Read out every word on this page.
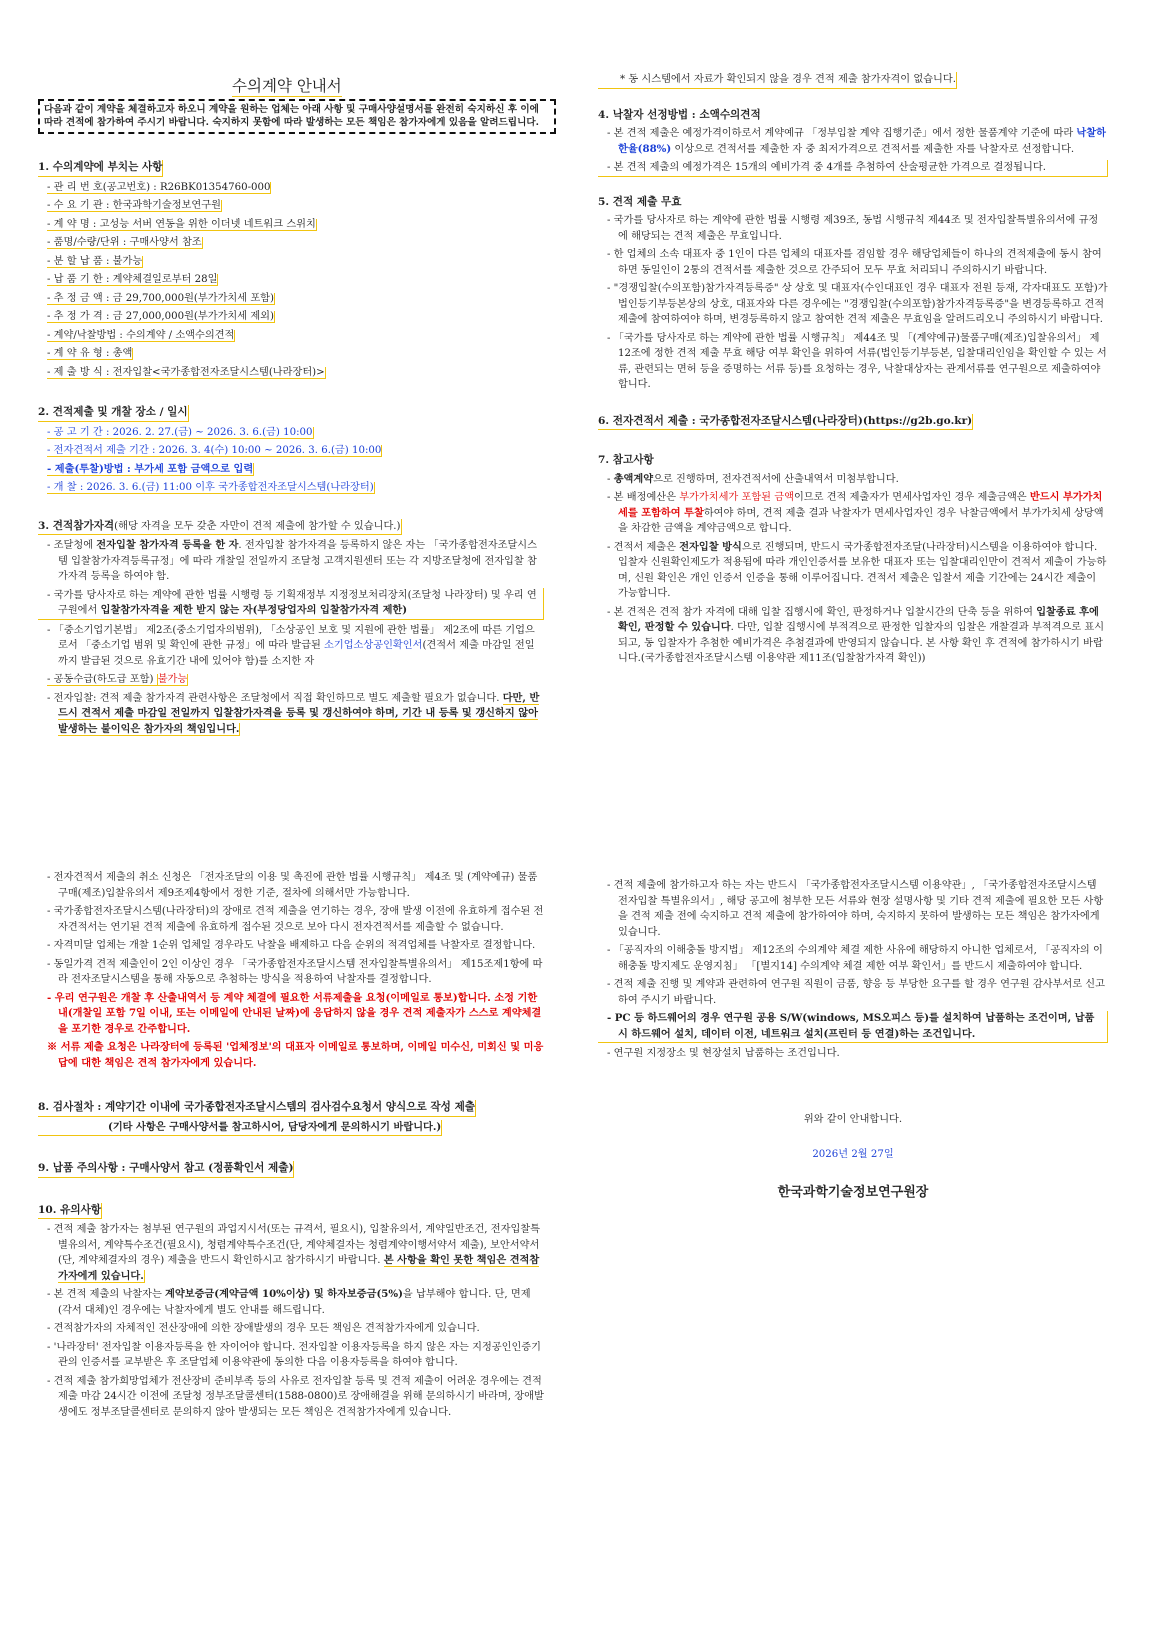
수의계약 안내서
다음과 같이 계약을 체결하고자 하오니 계약을 원하는 업체는 아래 사항 및 구매사양설명서를 완전히 숙지하신 후 이에 따라 견적에 참가하여 주시기 바랍니다. 숙지하지 못함에 따라 발생하는 모든 책임은 참가자에게 있음을 알려드립니다.

1. 수의계약에 부치는 사항

- 관 리 번 호(공고번호) : R26BK01354760-000

- 수 요 기 관 : 한국과학기술정보연구원

- 계 약 명 : 고성능 서버 연동을 위한 이더넷 네트워크 스위치

- 품명/수량/단위 : 구매사양서 참조

- 분 할 납 품 : 불가능

- 납 품 기 한 : 계약체결일로부터 28일

- 추 정 금 액 : 금 29,700,000원(부가가치세 포함)

- 추 정 가 격 : 금 27,000,000원(부가가치세 제외)

- 계약/낙찰방법 : 수의계약 / 소액수의견적

- 계 약 유 형 : 총액

- 제 출 방 식 : 전자입찰<국가종합전자조달시스템(나라장터)>

2. 견적제출 및 개찰 장소 / 일시

- 공 고 기 간 : 2026. 2. 27.(금) ~ 2026. 3. 6.(금) 10:00

- 전자견적서 제출 기간 : 2026. 3. 4(수) 10:00 ~ 2026. 3. 6.(금) 10:00

- 제출(투찰)방법 : 부가세 포함 금액으로 입력

- 개 찰 : 2026. 3. 6.(금) 11:00 이후 국가종합전자조달시스템(나라장터)

3. 견적참가자격(해당 자격을 모두 갖춘 자만이 견적 제출에 참가할 수 있습니다.)

- 조달청에 전자입찰 참가자격 등록을 한 자. 전자입찰 참가자격을 등록하지 않은 자는 「국가종합전자조달시스템 입찰참가자격등록규정」에 따라 개찰일 전일까지 조달청 고객지원센터 또는 각 지방조달청에 전자입찰 참가자격 등록을 하여야 함.

- 국가를 당사자로 하는 계약에 관한 법률 시행령 등 기획재정부 지정정보처리장치(조달청 나라장터) 및 우리 연구원에서 입찰참가자격을 제한 받지 않는 자(부정당업자의 입찰참가자격 제한)

- 「중소기업기본법」 제2조(중소기업자의범위), 「소상공인 보호 및 지원에 관한 법률」 제2조에 따른 기업으로서 「중소기업 범위 및 확인에 관한 규정」에 따라 발급된 소기업소상공인확인서(견적서 제출 마감일 전일까지 발급된 것으로 유효기간 내에 있어야 함)를 소지한 자

- 공동수급(하도급 포함) 불가능

- 전자입찰: 견적 제출 참가자격 관련사항은 조달청에서 직접 확인하므로 별도 제출할 필요가 없습니다. 다만, 반드시 견적서 제출 마감일 전일까지 입찰참가자격을 등록 및 갱신하여야 하며, 기간 내 등록 및 갱신하지 않아 발생하는 불이익은 참가자의 책임입니다.

- 전자견적서 제출의 취소 신청은 「전자조달의 이용 및 촉진에 관한 법률 시행규칙」 제4조 및 (계약예규) 물품구매(제조)입찰유의서 제9조제4항에서 정한 기준, 절차에 의해서만 가능합니다.

- 국가종합전자조달시스템(나라장터)의 장애로 견적 제출을 연기하는 경우, 장애 발생 이전에 유효하게 접수된 전자견적서는 연기된 견적 제출에 유효하게 접수된 것으로 보아 다시 전자견적서를 제출할 수 없습니다.

- 자격미달 업체는 개찰 1순위 업체일 경우라도 낙찰을 배제하고 다음 순위의 적격업체를 낙찰자로 결정합니다.

- 동일가격 견적 제출인이 2인 이상인 경우 「국가종합전자조달시스템 전자입찰특별유의서」 제15조제1항에 따라 전자조달시스템을 통해 자동으로 추첨하는 방식을 적용하여 낙찰자를 결정합니다.

- 우리 연구원은 개찰 후 산출내역서 등 계약 체결에 필요한 서류제출을 요청(이메일로 통보)합니다. 소정 기한 내(개찰일 포함 7일 이내, 또는 이메일에 안내된 날짜)에 응답하지 않을 경우 견적 제출자가 스스로 계약체결을 포기한 경우로 간주합니다.

※ 서류 제출 요청은 나라장터에 등록된 '업체정보'의 대표자 이메일로 통보하며, 이메일 미수신, 미회신 및 미응답에 대한 책임은 견적 참가자에게 있습니다.

8. 검사절차 : 계약기간 이내에 국가종합전자조달시스템의 검사검수요청서 양식으로 작성 제출

(기타 사항은 구매사양서를 참고하시어, 담당자에게 문의하시기 바랍니다.)

9. 납품 주의사항 : 구매사양서 참고 (정품확인서 제출)

10. 유의사항

- 견적 제출 참가자는 첨부된 연구원의 과업지시서(또는 규격서, 필요시), 입찰유의서, 계약일반조건, 전자입찰특별유의서, 계약특수조건(필요시), 청렴계약특수조건(단, 계약체결자는 청렴계약이행서약서 제출), 보안서약서(단, 계약체결자의 경우) 제출을 반드시 확인하시고 참가하시기 바랍니다. 본 사항을 확인 못한 책임은 견적참가자에게 있습니다.

- 본 견적 제출의 낙찰자는 계약보증금(계약금액 10%이상) 및 하자보증금(5%)을 납부해야 합니다. 단, 면제(각서 대체)인 경우에는 낙찰자에게 별도 안내를 해드립니다.

- 견적참가자의 자체적인 전산장애에 의한 장애발생의 경우 모든 책임은 견적참가자에게 있습니다.

- '나라장터' 전자입찰 이용자등록을 한 자이어야 합니다. 전자입찰 이용자등록을 하지 않은 자는 지정공인인증기관의 인증서를 교부받은 후 조달업체 이용약관에 동의한 다음 이용자등록을 하여야 합니다.

- 견적 제출 참가희망업체가 전산장비 준비부족 등의 사유로 전자입찰 등록 및 견적 제출이 어려운 경우에는 견적 제출 마감 24시간 이전에 조달청 정부조달콜센터(1588-0800)로 장애해결을 위해 문의하시기 바라며, 장애발생에도 정부조달콜센터로 문의하지 않아 발생되는 모든 책임은 견적참가자에게 있습니다.

* 동 시스템에서 자료가 확인되지 않을 경우 견적 제출 참가자격이 없습니다.

4. 낙찰자 선정방법 : 소액수의견적

- 본 견적 제출은 예정가격이하로서 계약예규 「정부입찰 계약 집행기준」에서 정한 물품계약 기준에 따라 낙찰하한율(88%) 이상으로 견적서를 제출한 자 중 최저가격으로 견적서를 제출한 자를 낙찰자로 선정합니다.

- 본 견적 제출의 예정가격은 15개의 예비가격 중 4개를 추첨하여 산술평균한 가격으로 결정됩니다.

5. 견적 제출 무효

- 국가를 당사자로 하는 계약에 관한 법률 시행령 제39조, 동법 시행규칙 제44조 및 전자입찰특별유의서에 규정에 해당되는 견적 제출은 무효입니다.

- 한 업체의 소속 대표자 중 1인이 다른 업체의 대표자를 겸임할 경우 해당업체들이 하나의 견적제출에 동시 참여하면 동일인이 2통의 견적서를 제출한 것으로 간주되어 모두 무효 처리되니 주의하시기 바랍니다.

- "경쟁입찰(수의포함)참가자격등록증" 상 상호 및 대표자(수인대표인 경우 대표자 전원 등재, 각자대표도 포함)가 법인등기부등본상의 상호, 대표자와 다른 경우에는 "경쟁입찰(수의포함)참가자격등록증"을 변경등록하고 견적 제출에 참여하여야 하며, 변경등록하지 않고 참여한 견적 제출은 무효임을 알려드리오니 주의하시기 바랍니다.

- 「국가를 당사자로 하는 계약에 관한 법률 시행규칙」 제44조 및 「(계약예규)물품구매(제조)입찰유의서」 제12조에 정한 견적 제출 무효 해당 여부 확인을 위하여 서류(법인등기부등본, 입찰대리인임을 확인할 수 있는 서류, 관련되는 면허 등을 증명하는 서류 등)를 요청하는 경우, 낙찰대상자는 관계서류를 연구원으로 제출하여야 합니다.

6. 전자견적서 제출 : 국가종합전자조달시스템(나라장터)(https://g2b.go.kr)

7. 참고사항

- 총액계약으로 진행하며, 전자견적서에 산출내역서 미첨부합니다.

- 본 배정예산은 부가가치세가 포함된 금액이므로 견적 제출자가 면세사업자인 경우 제출금액은 반드시 부가가치세를 포함하여 투찰하여야 하며, 견적 제출 결과 낙찰자가 면세사업자인 경우 낙찰금액에서 부가가치세 상당액을 차감한 금액을 계약금액으로 합니다.

- 견적서 제출은 전자입찰 방식으로 진행되며, 반드시 국가종합전자조달(나라장터)시스템을 이용하여야 합니다. 입찰자 신원확인제도가 적용됨에 따라 개인인증서를 보유한 대표자 또는 입찰대리인만이 견적서 제출이 가능하며, 신원 확인은 개인 인증서 인증을 통해 이루어집니다. 견적서 제출은 입찰서 제출 기간에는 24시간 제출이 가능합니다.

- 본 견적은 견적 참가 자격에 대해 입찰 집행시에 확인, 판정하거나 입찰시간의 단축 등을 위하여 입찰종료 후에 확인, 판정할 수 있습니다. 다만, 입찰 집행시에 부적격으로 판정한 입찰자의 입찰은 개찰결과 부적격으로 표시되고, 동 입찰자가 추첨한 예비가격은 추첨결과에 반영되지 않습니다. 본 사항 확인 후 견적에 참가하시기 바랍니다.(국가종합전자조달시스템 이용약관 제11조(입찰참가자격 확인))

- 견적 제출에 참가하고자 하는 자는 반드시 「국가종합전자조달시스템 이용약관」, 「국가종합전자조달시스템 전자입찰 특별유의서」, 해당 공고에 첨부한 모든 서류와 현장 설명사항 및 기타 견적 제출에 필요한 모든 사항을 견적 제출 전에 숙지하고 견적 제출에 참가하여야 하며, 숙지하지 못하여 발생하는 모든 책임은 참가자에게 있습니다.

- 「공직자의 이해충돌 방지법」 제12조의 수의계약 체결 제한 사유에 해당하지 아니한 업체로서, 「공직자의 이해충돌 방지제도 운영지침」 「[별지14] 수의계약 체결 제한 여부 확인서」를 반드시 제출하여야 합니다.

- 견적 제출 진행 및 계약과 관련하여 연구원 직원이 금품, 향응 등 부당한 요구를 할 경우 연구원 감사부서로 신고하여 주시기 바랍니다.

- PC 등 하드웨어의 경우 연구원 공용 S/W(windows, MS오피스 등)를 설치하여 납품하는 조건이며, 납품 시 하드웨어 설치, 데이터 이전, 네트워크 설치(프린터 등 연결)하는 조건입니다.

- 연구원 지정장소 및 현장설치 납품하는 조건입니다.

위와 같이 안내합니다.

2026년 2월 27일

한국과학기술정보연구원장
